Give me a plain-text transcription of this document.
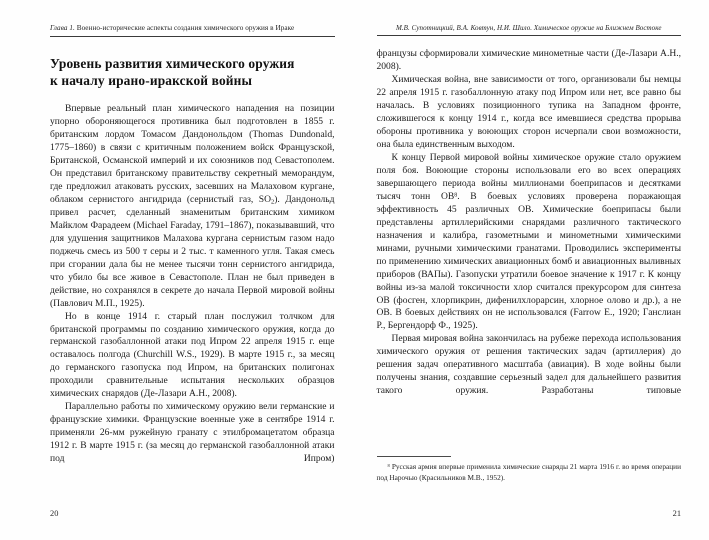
Глава 1. Военно-исторические аспекты создания химического оружия в Ираке
Уровень развития химического оружия
к началу ирано-иракской войны

Впервые реальный план химического нападения на позиции упорно обороняющегося противника был подготовлен в 1855 г. британским лордом Томасом Дандонольдом (Thomas Dundonald, 1775–1860) в связи с критичным положением войск Французской, Британской, Османской империй и их союзников под Севастополем. Он представил британскому правительству секретный меморандум, где предложил атаковать русских, засевших на Малаховом кургане, облаком сернистого ангидрида (сернистый газ, $SO_2$). Дандонольд привел расчет, сделанный знаменитым британским химиком Майклом Фарадеем (Michael Faraday, 1791–1867), показывавший, что для удушения защитников Малахова кургана сернистым газом надо поджечь смесь из 500 т серы и 2 тыс. т каменного угля. Такая смесь при сгорании дала бы не менее тысячи тонн сернистого ангидрида, что убило бы все живое в Севастополе. План не был приведен в действие, но сохранялся в секрете до начала Первой мировой войны (Павлович М.П., 1925).

Но в конце 1914 г. старый план послужил толчком для британской программы по созданию химического оружия, когда до германской газобаллонной атаки под Ипром 22 апреля 1915 г. еще оставалось полгода (Churchill W.S., 1929). В марте 1915 г., за месяц до германского газопуска под Ипром, на британских полигонах проходили сравнительные испытания нескольких образцов химических снарядов (Де-Лазари А.Н., 2008).

Параллельно работы по химическому оружию вели германские и французские химики. Французские военные уже в сентябре 1914 г. применяли 26-мм ружейную гранату с этилбромацетатом образца 1912 г. В марте 1915 г. (за месяц до германской газобаллонной атаки под Ипром)

20
М.В. Супотницкий, В.А. Ковтун, Н.И. Шило. Химическое оружие на Ближнем Востоке

французы сформировали химические минометные части (Де-Лазари А.Н., 2008).

Химическая война, вне зависимости от того, организовали бы немцы 22 апреля 1915 г. газобаллонную атаку под Ипром или нет, все равно бы началась. В условиях позиционного тупика на Западном фронте, сложившегося к концу 1914 г., когда все имевшиеся средства прорыва обороны противника у воюющих сторон исчерпали свои возможности, она была единственным выходом.

К концу Первой мировой войны химическое оружие стало оружием поля боя. Воюющие стороны использовали его во всех операциях завершающего периода войны миллионами боеприпасов и десятками тысяч тонн $ОВ^8$. В боевых условиях проверена поражающая эффективность 45 различных ОВ. Химические боеприпасы были представлены артиллерийскими снарядами различного тактического назначения и калибра, газометными и минометными химическими минами, ручными химическими гранатами. Проводились эксперименты по применению химических авиационных бомб и авиационных выливных приборов (ВАПы). Газопуски утратили боевое значение к 1917 г. К концу войны из-за малой токсичности хлор считался прекурсором для синтеза ОВ (фосген, хлорпикрин, дифенилхлорарсин, хлорное олово и др.), а не ОВ. В боевых действиях он не использовался (Farrow E., 1920; Ганслиан Р., Бергендорф Ф., 1925).

Первая мировая война закончилась на рубеже перехода использования химического оружия от решения тактических задач (артиллерия) до решения задач оперативного масштаба (авиация). В ходе войны были получены знания, создавшие серьезный задел для дальнейшего развития такого оружия. Разработаны типовые

$^8$ Русская армия впервые применила химические снаряды 21 марта 1916 г. во время операции под Нарочью (Красильников М.В., 1952).

21
